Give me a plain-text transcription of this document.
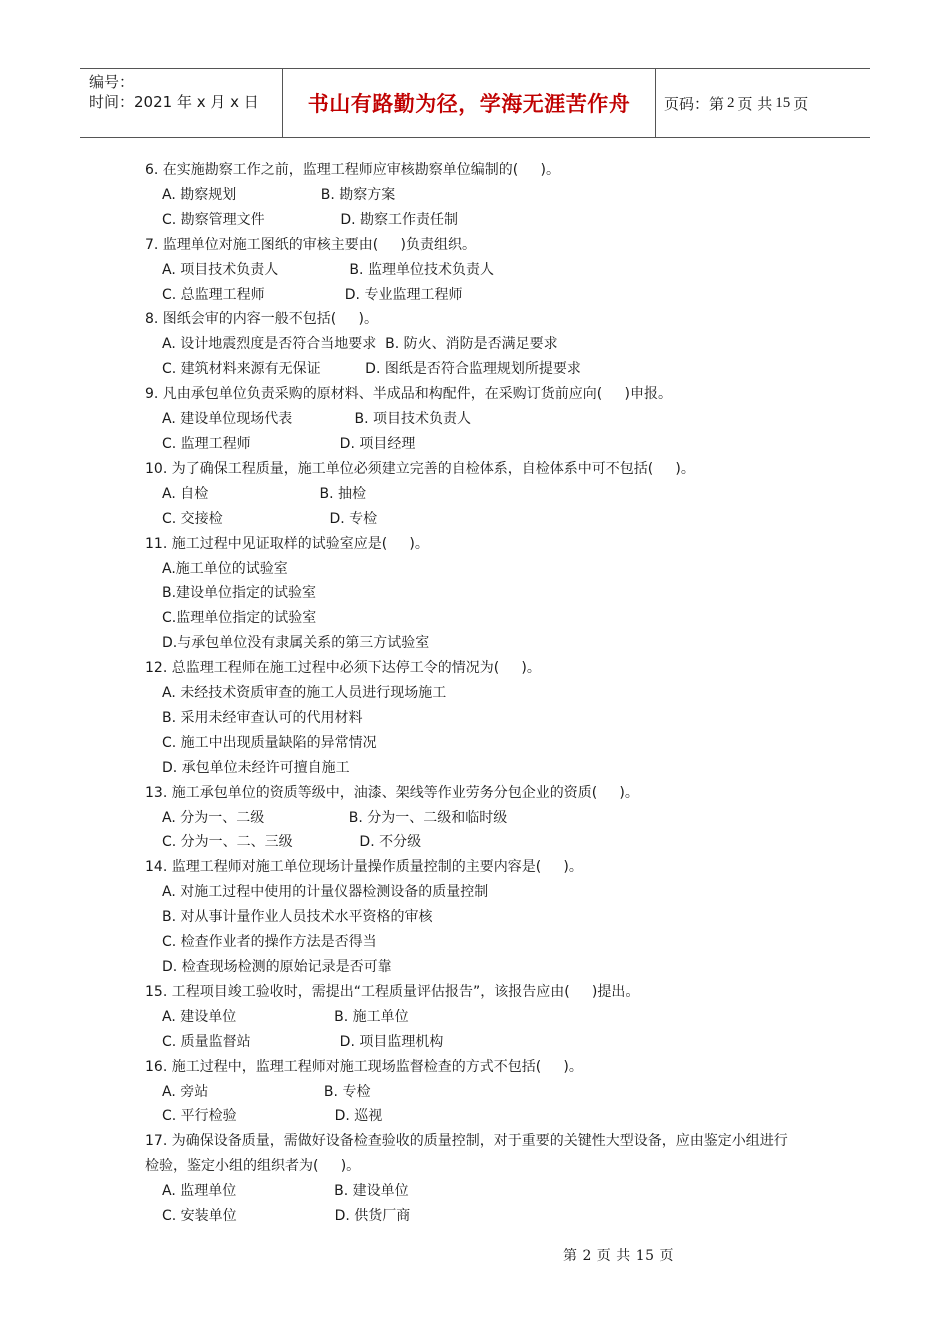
编号：
时间：2021 年 x 月 x 日	书山有路勤为径，学海无涯苦作舟	页码：第 2 页 共 15 页
6. 在实施勘察工作之前，监理工程师应审核勘察单位编制的(     )。
A. 勘察规划                   B. 勘察方案
C. 勘察管理文件                 D. 勘察工作责任制
7. 监理单位对施工图纸的审核主要由(     )负责组织。
A. 项目技术负责人                B. 监理单位技术负责人
C. 总监理工程师                  D. 专业监理工程师
8. 图纸会审的内容一般不包括(     )。
A. 设计地震烈度是否符合当地要求  B. 防火、消防是否满足要求
C. 建筑材料来源有无保证          D. 图纸是否符合监理规划所提要求
9. 凡由承包单位负责采购的原材料、半成品和构配件，在采购订货前应向(     )申报。
A. 建设单位现场代表              B. 项目技术负责人
C. 监理工程师                    D. 项目经理
10. 为了确保工程质量，施工单位必须建立完善的自检体系，自检体系中可不包括(     )。
A. 自检                         B. 抽检
C. 交接检                        D. 专检
11. 施工过程中见证取样的试验室应是(     )。
A.施工单位的试验室
B.建设单位指定的试验室
C.监理单位指定的试验室
D.与承包单位没有隶属关系的第三方试验室
12. 总监理工程师在施工过程中必须下达停工令的情况为(     )。
A. 未经技术资质审查的施工人员进行现场施工
B. 采用未经审查认可的代用材料
C. 施工中出现质量缺陷的异常情况
D. 承包单位未经许可擅自施工
13. 施工承包单位的资质等级中，油漆、架线等作业劳务分包企业的资质(     )。
A. 分为一、二级                   B. 分为一、二级和临时级
C. 分为一、二、三级               D. 不分级
14. 监理工程师对施工单位现场计量操作质量控制的主要内容是(     )。
A. 对施工过程中使用的计量仪器检测设备的质量控制
B. 对从事计量作业人员技术水平资格的审核
C. 检查作业者的操作方法是否得当
D. 检查现场检测的原始记录是否可靠
15. 工程项目竣工验收时，需提出“工程质量评估报告”，该报告应由(     )提出。
A. 建设单位                      B. 施工单位
C. 质量监督站                    D. 项目监理机构
16. 施工过程中，监理工程师对施工现场监督检查的方式不包括(     )。
A. 旁站                          B. 专检
C. 平行检验                      D. 巡视
17. 为确保设备质量，需做好设备检查验收的质量控制，对于重要的关键性大型设备，应由鉴定小组进行
检验，鉴定小组的组织者为(     )。
A. 监理单位                      B. 建设单位
C. 安装单位                      D. 供货厂商
第 2 页 共 15 页
